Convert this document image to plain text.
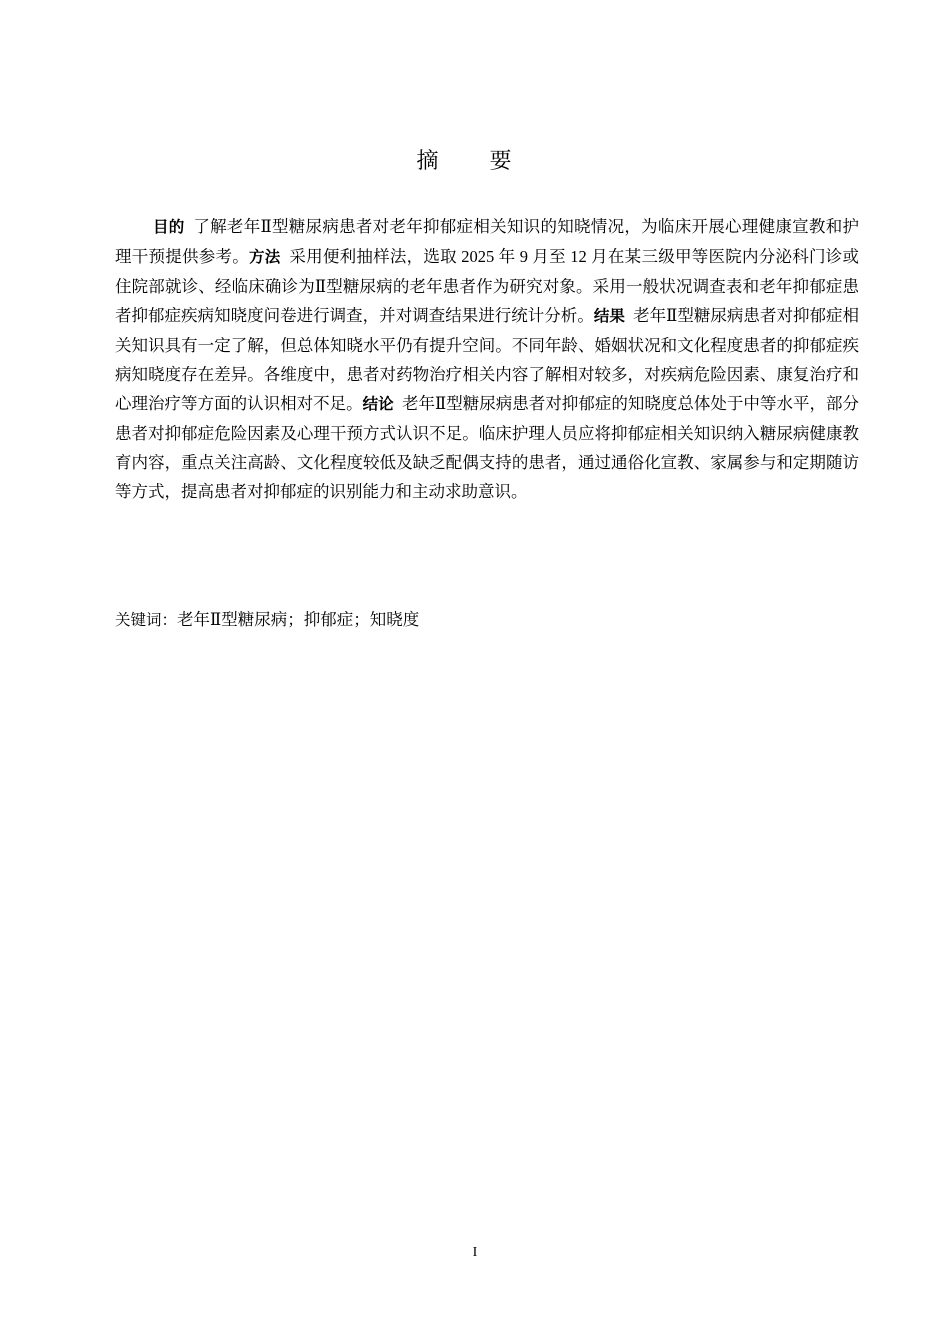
摘 要

目的 了解老年Ⅱ型糖尿病患者对老年抑郁症相关知识的知晓情况，为临床开展心理健康宣教和护理干预提供参考。方法 采用便利抽样法，选取 2025 年 9 月至 12 月在某三级甲等医院内分泌科门诊或住院部就诊、经临床确诊为Ⅱ型糖尿病的老年患者作为研究对象。采用一般状况调查表和老年抑郁症患者抑郁症疾病知晓度问卷进行调查，并对调查结果进行统计分析。结果 老年Ⅱ型糖尿病患者对抑郁症相关知识具有一定了解，但总体知晓水平仍有提升空间。不同年龄、婚姻状况和文化程度患者的抑郁症疾病知晓度存在差异。各维度中，患者对药物治疗相关内容了解相对较多，对疾病危险因素、康复治疗和心理治疗等方面的认识相对不足。结论 老年Ⅱ型糖尿病患者对抑郁症的知晓度总体处于中等水平，部分患者对抑郁症危险因素及心理干预方式认识不足。临床护理人员应将抑郁症相关知识纳入糖尿病健康教育内容，重点关注高龄、文化程度较低及缺乏配偶支持的患者，通过通俗化宣教、家属参与和定期随访等方式，提高患者对抑郁症的识别能力和主动求助意识。

关键词：老年Ⅱ型糖尿病；抑郁症；知晓度

I
